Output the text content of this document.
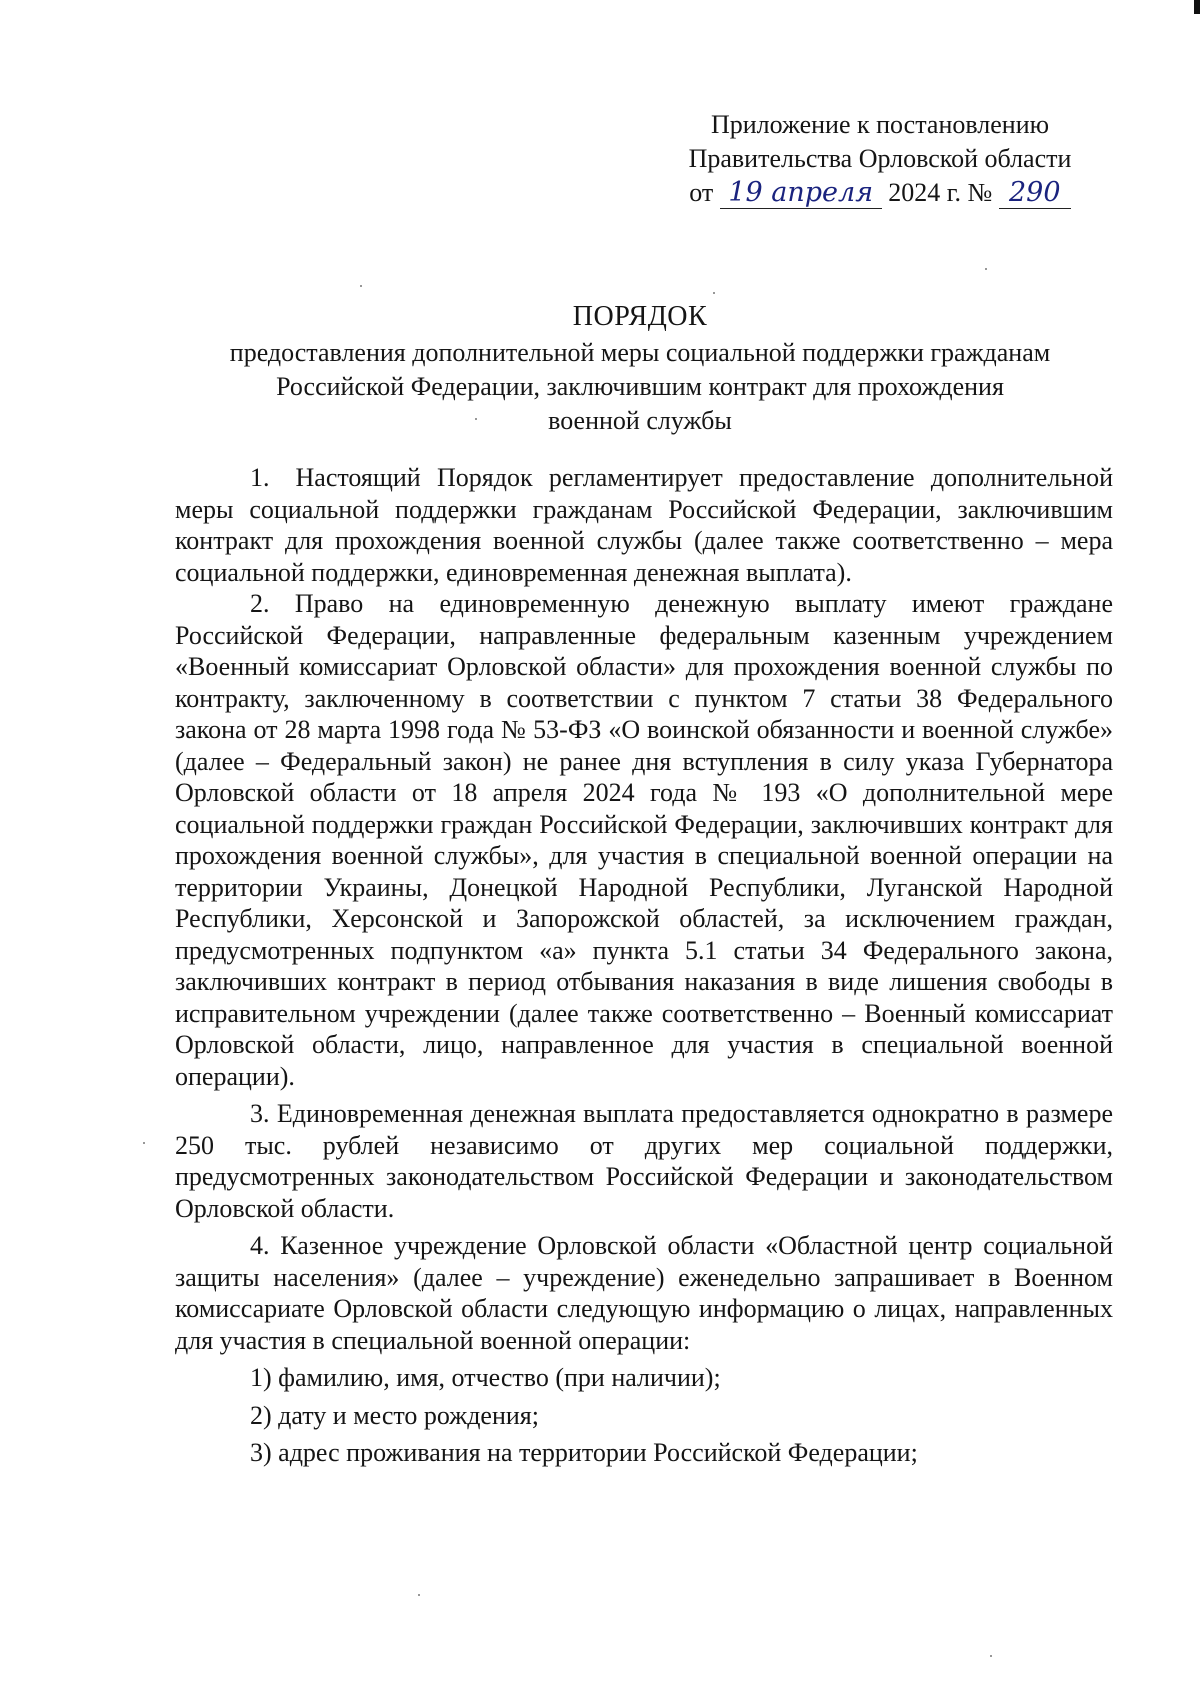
Приложение к постановлению
Правительства Орловской области
от 19 апреля 2024 г. № 290
ПОРЯДОК
предоставления дополнительной меры социальной поддержки гражданам
Российской Федерации, заключившим контракт для прохождения
военной службы

1. Настоящий Порядок регламентирует предоставление дополнительной меры социальной поддержки гражданам Российской Федерации, заключившим контракт для прохождения военной службы (далее также соответственно – мера социальной поддержки, единовременная денежная выплата).

2. Право на единовременную денежную выплату имеют граждане Российской Федерации, направленные федеральным казенным учреждением «Военный комиссариат Орловской области» для прохождения военной службы по контракту, заключенному в соответствии с пунктом 7 статьи 38 Федерального закона от 28 марта 1998 года № 53-ФЗ «О воинской обязанности и военной службе» (далее – Федеральный закон) не ранее дня вступления в силу указа Губернатора Орловской области от 18 апреля 2024 года № 193 «О дополнительной мере социальной поддержки граждан Российской Федерации, заключивших контракт для прохождения военной службы», для участия в специальной военной операции на территории Украины, Донецкой Народной Республики, Луганской Народной Республики, Херсонской и Запорожской областей, за исключением граждан, предусмотренных подпунктом «а» пункта 5.1 статьи 34 Федерального закона, заключивших контракт в период отбывания наказания в виде лишения свободы в исправительном учреждении (далее также соответственно – Военный комиссариат Орловской области, лицо, направленное для участия в специальной военной операции).

3. Единовременная денежная выплата предоставляется однократно в размере 250 тыс. рублей независимо от других мер социальной поддержки, предусмотренных законодательством Российской Федерации и законодательством Орловской области.

4. Казенное учреждение Орловской области «Областной центр социальной защиты населения» (далее – учреждение) еженедельно запрашивает в Военном комиссариате Орловской области следующую информацию о лицах, направленных для участия в специальной военной операции:

1) фамилию, имя, отчество (при наличии);

2) дату и место рождения;

3) адрес проживания на территории Российской Федерации;
